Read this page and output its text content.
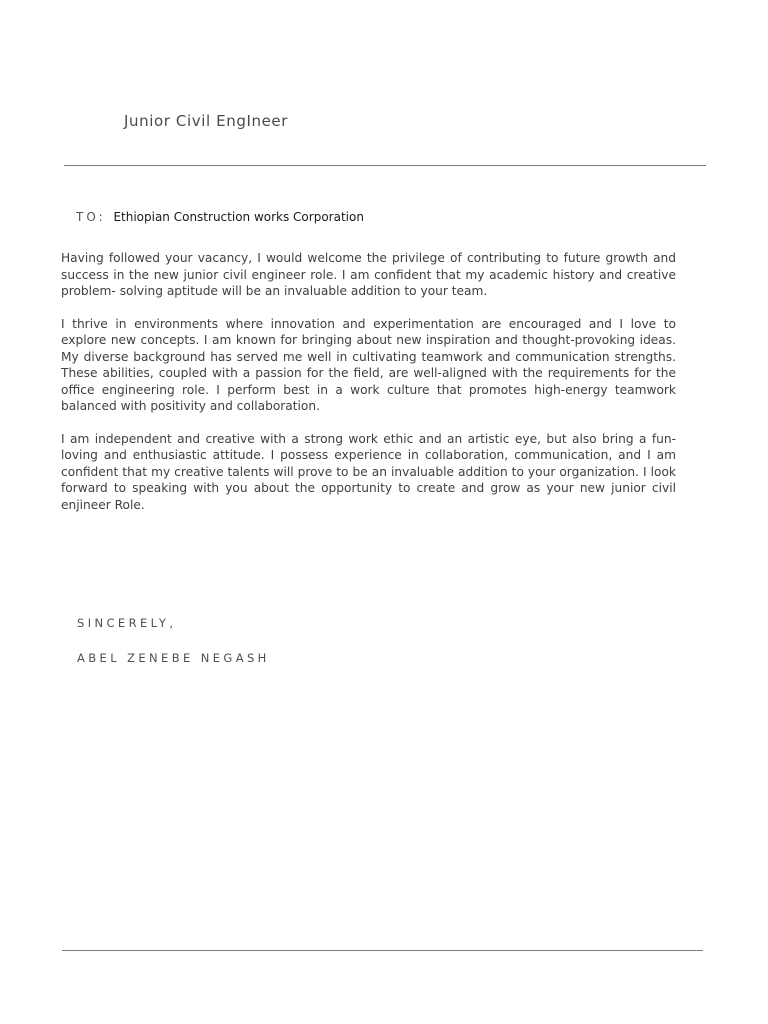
Junior Civil EngIneer
TO: Ethiopian Construction works Corporation

Having followed your vacancy, I would welcome the privilege of contributing to future growth and success in the new junior civil engineer role. I am confident that my academic history and creative problem- solving aptitude will be an invaluable addition to your team.

I thrive in environments where innovation and experimentation are encouraged and I love to explore new concepts. I am known for bringing about new inspiration and thought-provoking ideas. My diverse background has served me well in cultivating teamwork and communication strengths. These abilities, coupled with a passion for the field, are well-aligned with the requirements for the office engineering role. I perform best in a work culture that promotes high-energy teamwork balanced with positivity and collaboration.

I am independent and creative with a strong work ethic and an artistic eye, but also bring a fun-loving and enthusiastic attitude. I possess experience in collaboration, communication, and I am confident that my creative talents will prove to be an invaluable addition to your organization. I look forward to speaking with you about the opportunity to create and grow as your new junior civil enjineer Role.

SINCERELY,
ABEL ZENEBE NEGASH
